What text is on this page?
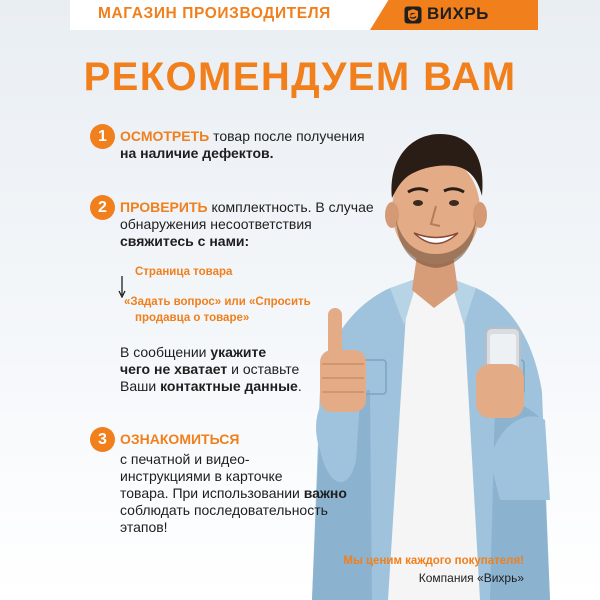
МАГАЗИН ПРОИЗВОДИТЕЛЯ	ВИХРЬ
РЕКОМЕНДУЕМ ВАМ
1 ОСМОТРЕТЬ товар после получения
на наличие дефектов.
2 ПРОВЕРИТЬ комплектность. В случае
обнаружения несоответствия
свяжитесь с нами:
Страница товара
«Задать вопрос» или «Спросить
продавца о товаре»
В сообщении укажите
чего не хватает и оставьте
Ваши контактные данные.
3 ОЗНАКОМИТЬСЯ
с печатной и видео-
инструкциями в карточке
товара. При использовании важно
соблюдать последовательность
этапов!
Мы ценим каждого покупателя!
Компания «Вихрь»
